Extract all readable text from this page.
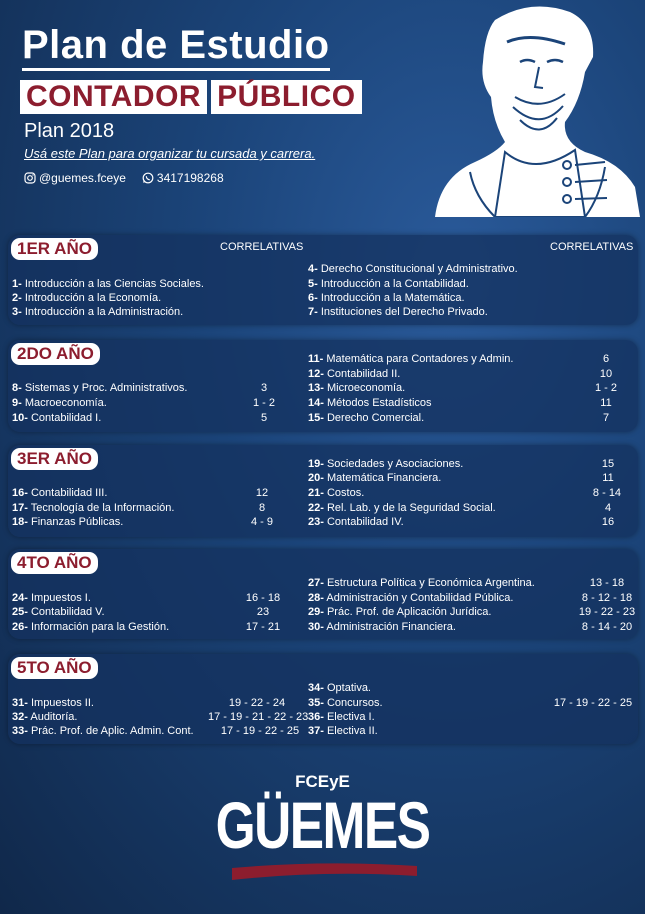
Plan de Estudio
CONTADOR PÚBLICO
Plan 2018
Usá este Plan para organizar tu cursada y carrera.
@guemes.fceye	3417198268
1ER AÑO	CORRELATIVAS	CORRELATIVAS
1- Introducción a las Ciencias Sociales.
2- Introducción a la Economía.
3- Introducción a la Administración.
4- Derecho Constitucional y Administrativo.
5- Introducción a la Contabilidad.
6- Introducción a la Matemática.
7- Instituciones del Derecho Privado.
2DO AÑO
8- Sistemas y Proc. Administrativos.	3
9- Macroeconomía.	1 - 2
10- Contabilidad I.	5
11- Matemática para Contadores y Admin.	6
12- Contabilidad II.	10
13- Microeconomía.	1 - 2
14- Métodos Estadísticos	11
15- Derecho Comercial.	7
3ER AÑO
16- Contabilidad III.	12
17- Tecnología de la Información.	8
18- Finanzas Públicas.	4 - 9
19- Sociedades y Asociaciones.	15
20- Matemática Financiera.	11
21- Costos.	8 - 14
22- Rel. Lab. y de la Seguridad Social.	4
23- Contabilidad IV.	16
4TO AÑO
24- Impuestos I.	16 - 18
25- Contabilidad V.	23
26- Información para la Gestión.	17 - 21
27- Estructura Política y Económica Argentina.	13 - 18
28- Administración y Contabilidad Pública.	8 - 12 - 18
29- Prác. Prof. de Aplicación Jurídica.	19 - 22 - 23
30- Administración Financiera.	8 - 14 - 20
5TO AÑO
31- Impuestos II.	19 - 22 - 24
32- Auditoría.	17 - 19 - 21 - 22 - 23
33- Prác. Prof. de Aplic. Admin. Cont.	17 - 19 - 22 - 25
34- Optativa.
35- Concursos.	17 - 19 - 22 - 25
36- Electiva I.
37- Electiva II.
FCEyE
GÜEMES
